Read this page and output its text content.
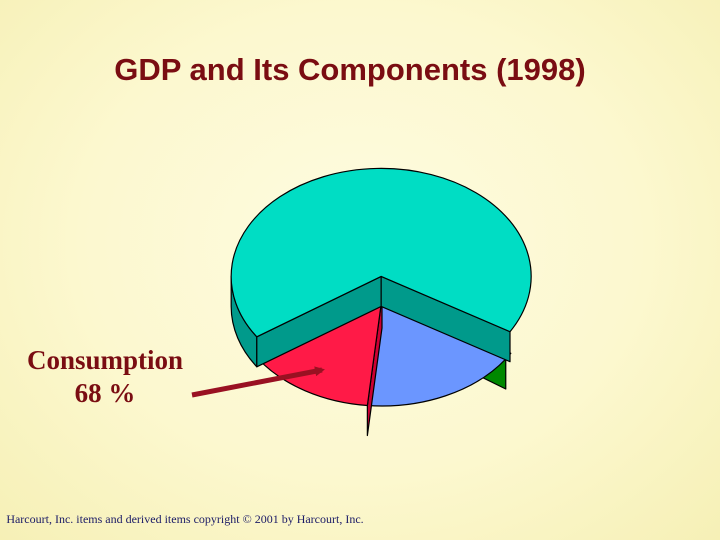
GDP and Its Components (1998)
Consumption
68 %
Harcourt, Inc. items and derived items copyright © 2001 by Harcourt, Inc.
